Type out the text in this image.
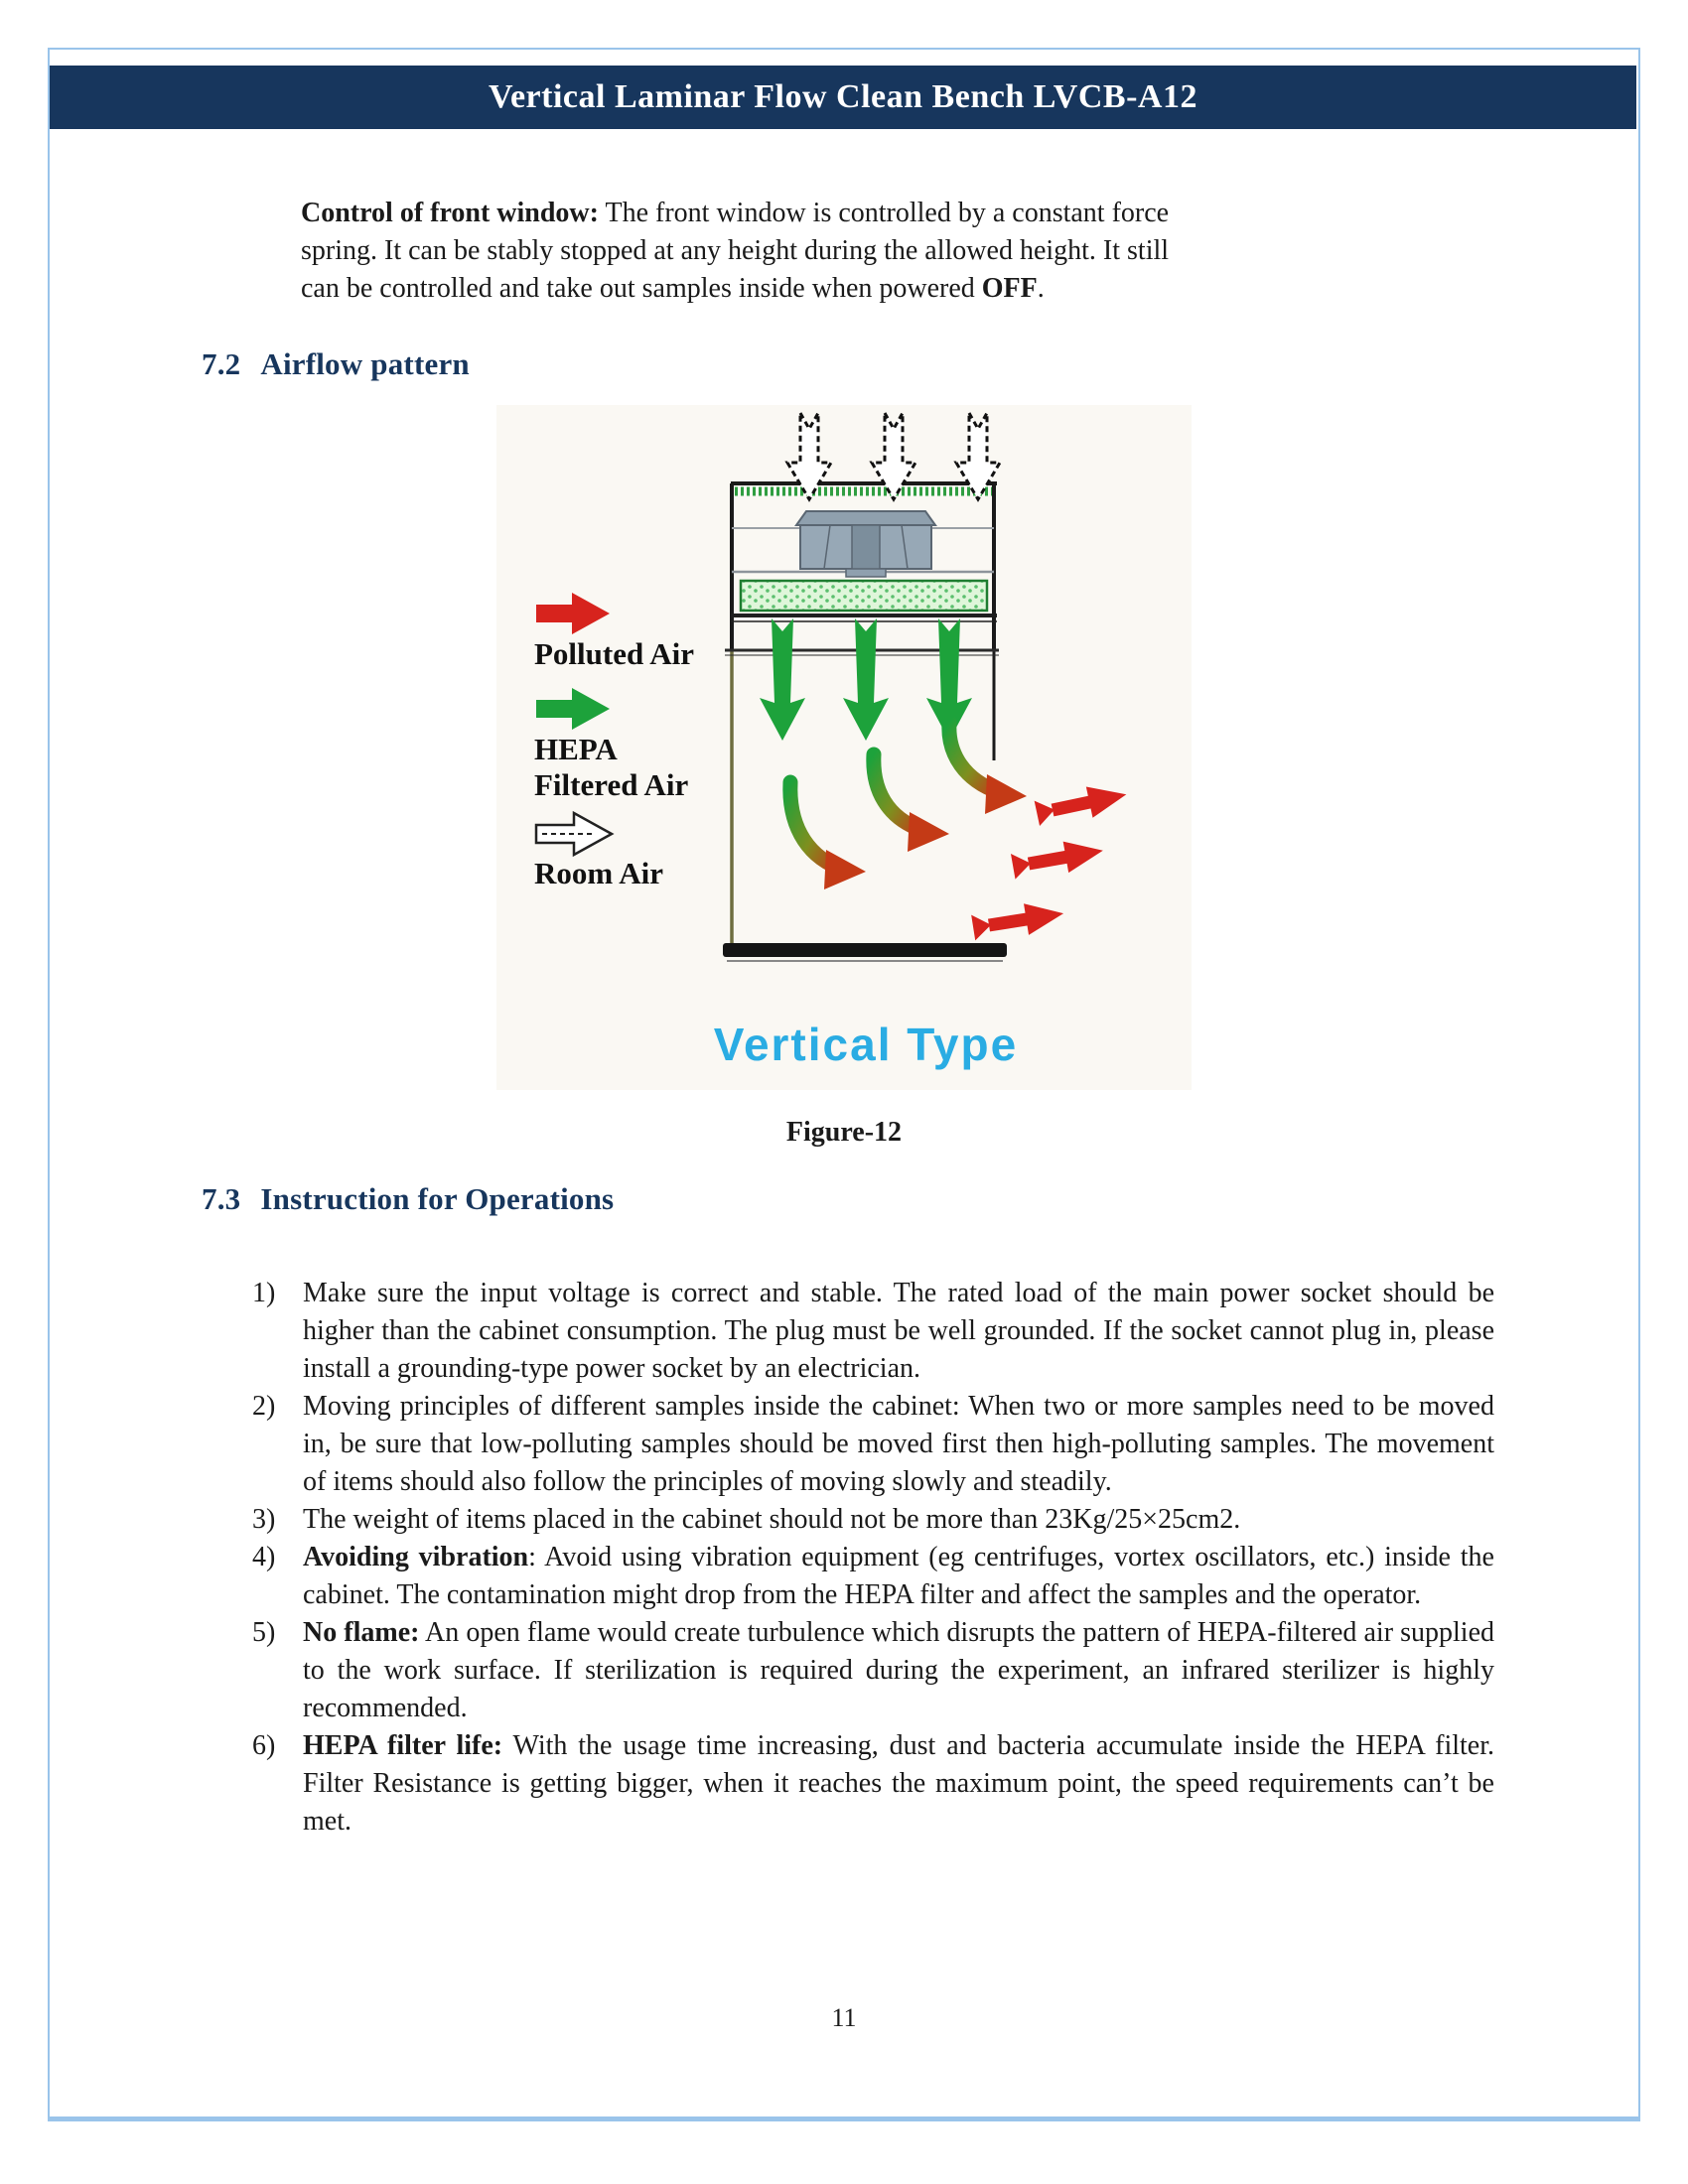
Vertical Laminar Flow Clean Bench LVCB-A12

Control of front window: The front window is controlled by a constant force
spring. It can be stably stopped at any height during the allowed height. It still
can be controlled and take out samples inside when powered OFF.

7.2 Airflow pattern
Polluted Air
HEPA
Filtered Air
Room Air
Vertical Type
Figure-12
7.3 Instruction for Operations
1) Make sure the input voltage is correct and stable. The rated load of the main power socket should be higher than the cabinet consumption. The plug must be well grounded. If the socket cannot plug in, please install a grounding-type power socket by an electrician.
2) Moving principles of different samples inside the cabinet: When two or more samples need to be moved in, be sure that low-polluting samples should be moved first then high-polluting samples. The movement of items should also follow the principles of moving slowly and steadily.
3) The weight of items placed in the cabinet should not be more than 23Kg/25×25cm2.
4) Avoiding vibration: Avoid using vibration equipment (eg centrifuges, vortex oscillators, etc.) inside the cabinet. The contamination might drop from the HEPA filter and affect the samples and the operator.
5) No flame: An open flame would create turbulence which disrupts the pattern of HEPA-filtered air supplied to the work surface. If sterilization is required during the experiment, an infrared sterilizer is highly recommended.
6) HEPA filter life: With the usage time increasing, dust and bacteria accumulate inside the HEPA filter. Filter Resistance is getting bigger, when it reaches the maximum point, the speed requirements can’t be met.
11
